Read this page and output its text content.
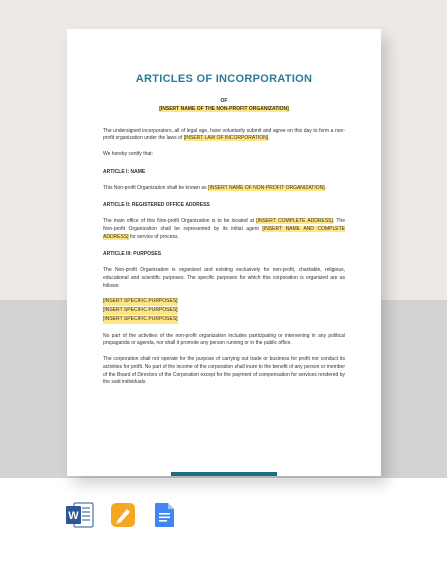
ARTICLES OF INCORPORATION
OF
[INSERT NAME OF THE NON-PROFIT ORGANIZATION]

The undersigned incorporators, all of legal age, have voluntarily submit and agree on this day to form a non-profit organization under the laws of [INSERT LAW OF INCORPORATION].

We hereby certify that:

ARTICLE I: NAME

This Non-profit Organization shall be known as [INSERT NAME OF NON-PROFIT ORGANIZATION].

ARTICLE II: REGISTERED OFFICE ADDRESS

The main office of this Non-profit Organization is to be located at [INSERT COMPLETE ADDRESS]. The Non-profit Organization shall be represented by its initial agent [INSERT NAME AND COMPLETE ADDRESS] for service of process.

ARTICLE III: PURPOSES

The Non-profit Organization is organized and existing exclusively for non-profit, charitable, religious, educational and scientific purposes. The specific purposes for which this corporation is organized are as follows:

[INSERT SPECIFIC PURPOSES]
[INSERT SPECIFIC PURPOSES]
[INSERT SPECIFIC PURPOSES]

No part of the activities of the non-profit organization includes participating or intervening in any political propaganda or agenda, nor shall it promote any person running or in the public office.

The corporation shall not operate for the purpose of carrying out trade or business for profit nor conduct its activities for profit. No part of the income of the corporation shall inure to the benefit of any person or member of the Board of Directors of the Corporation except for the payment of compensation for services rendered by the said individuals.

W
